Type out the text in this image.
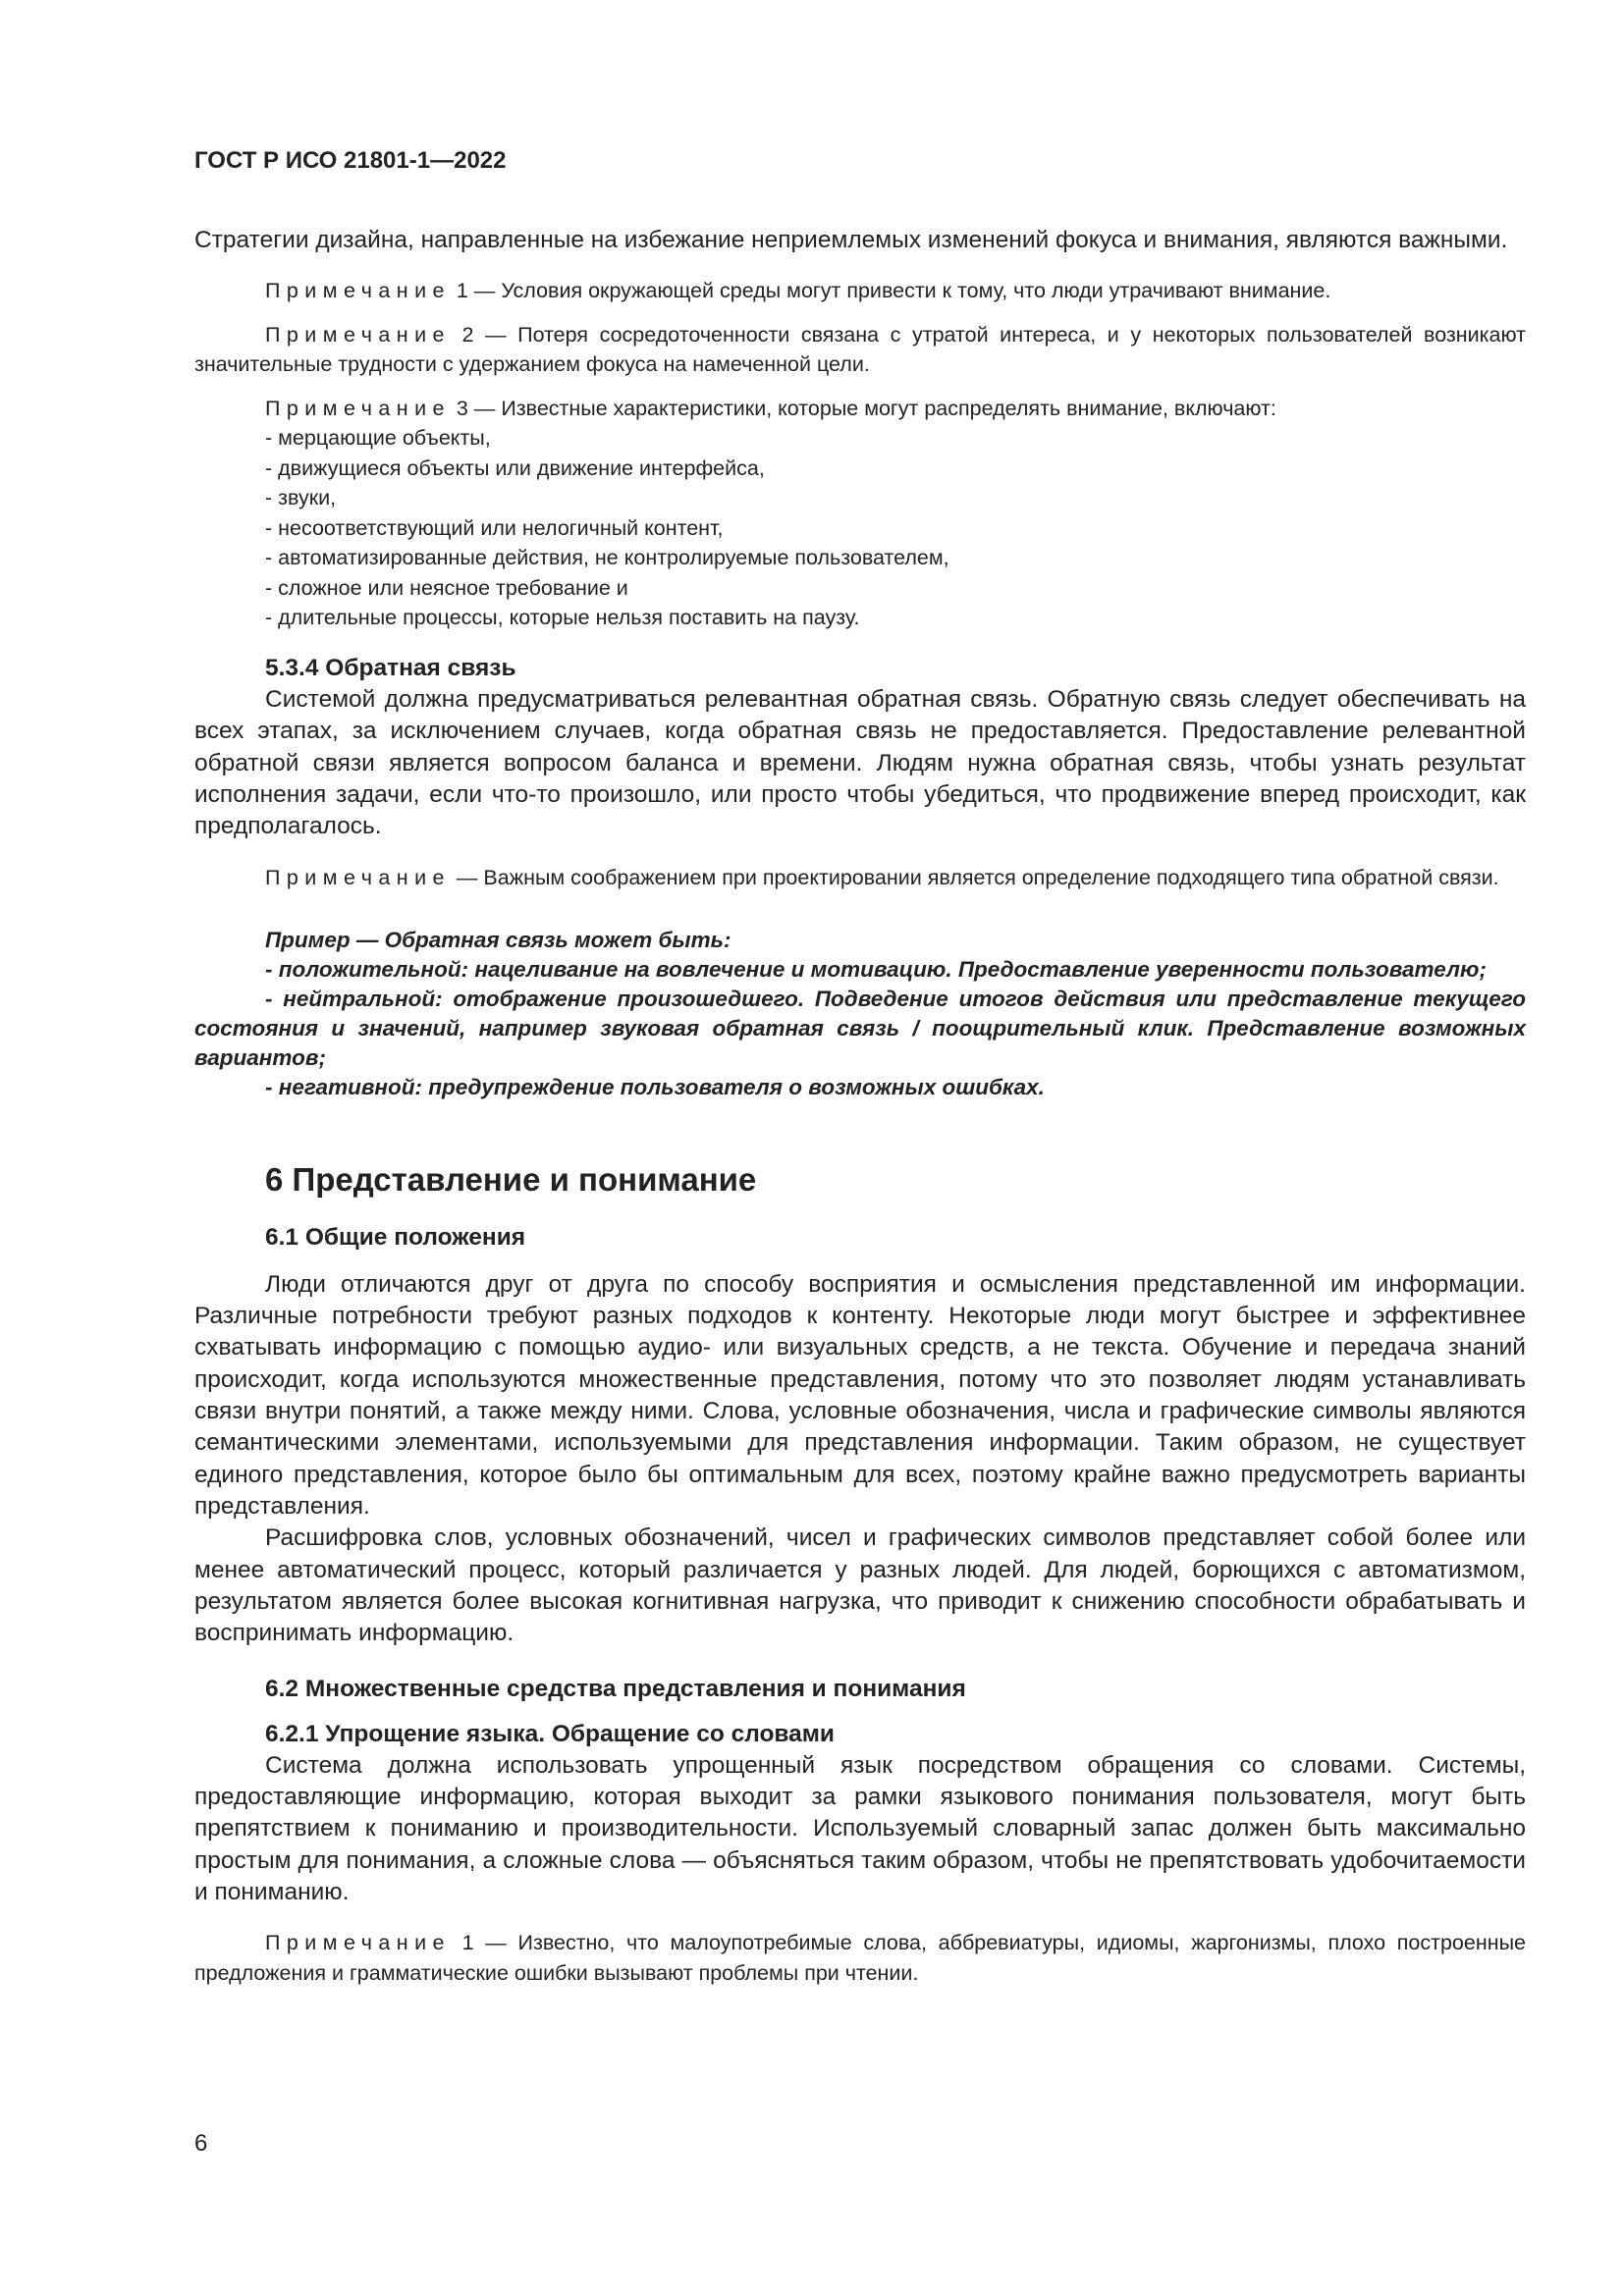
ГОСТ Р ИСО 21801-1—2022

Стратегии дизайна, направленные на избежание неприемлемых изменений фокуса и внимания, являются важными.

Примечание 1 — Условия окружающей среды могут привести к тому, что люди утрачивают внимание.

Примечание 2 — Потеря сосредоточенности связана с утратой интереса, и у некоторых пользователей возникают значительные трудности с удержанием фокуса на намеченной цели.

Примечание 3 — Известные характеристики, которые могут распределять внимание, включают:

- мерцающие объекты,
- движущиеся объекты или движение интерфейса,
- звуки,
- несоответствующий или нелогичный контент,
- автоматизированные действия, не контролируемые пользователем,
- сложное или неясное требование и
- длительные процессы, которые нельзя поставить на паузу.
5.3.4 Обратная связь

Системой должна предусматриваться релевантная обратная связь. Обратную связь следует обеспечивать на всех этапах, за исключением случаев, когда обратная связь не предоставляется. Предоставление релевантной обратной связи является вопросом баланса и времени. Людям нужна обратная связь, чтобы узнать результат исполнения задачи, если что-то произошло, или просто чтобы убедиться, что продвижение вперед происходит, как предполагалось.

Примечание — Важным соображением при проектировании является определение подходящего типа обратной связи.

Пример — Обратная связь может быть:

- положительной: нацеливание на вовлечение и мотивацию. Предоставление уверенности пользователю;

- нейтральной: отображение произошедшего. Подведение итогов действия или представление текущего состояния и значений, например звуковая обратная связь / поощрительный клик. Представление возможных вариантов;

- негативной: предупреждение пользователя о возможных ошибках.

6 Представление и понимание
6.1 Общие положения

Люди отличаются друг от друга по способу восприятия и осмысления представленной им информации. Различные потребности требуют разных подходов к контенту. Некоторые люди могут быстрее и эффективнее схватывать информацию с помощью аудио- или визуальных средств, а не текста. Обучение и передача знаний происходит, когда используются множественные представления, потому что это позволяет людям устанавливать связи внутри понятий, а также между ними. Слова, условные обозначения, числа и графические символы являются семантическими элементами, используемыми для представления информации. Таким образом, не существует единого представления, которое было бы оптимальным для всех, поэтому крайне важно предусмотреть варианты представления.

Расшифровка слов, условных обозначений, чисел и графических символов представляет собой более или менее автоматический процесс, который различается у разных людей. Для людей, борющихся с автоматизмом, результатом является более высокая когнитивная нагрузка, что приводит к снижению способности обрабатывать и воспринимать информацию.

6.2 Множественные средства представления и понимания
6.2.1 Упрощение языка. Обращение со словами

Система должна использовать упрощенный язык посредством обращения со словами. Системы, предоставляющие информацию, которая выходит за рамки языкового понимания пользователя, могут быть препятствием к пониманию и производительности. Используемый словарный запас должен быть максимально простым для понимания, а сложные слова — объясняться таким образом, чтобы не препятствовать удобочитаемости и пониманию.

Примечание 1 — Известно, что малоупотребимые слова, аббревиатуры, идиомы, жаргонизмы, плохо построенные предложения и грамматические ошибки вызывают проблемы при чтении.

6
